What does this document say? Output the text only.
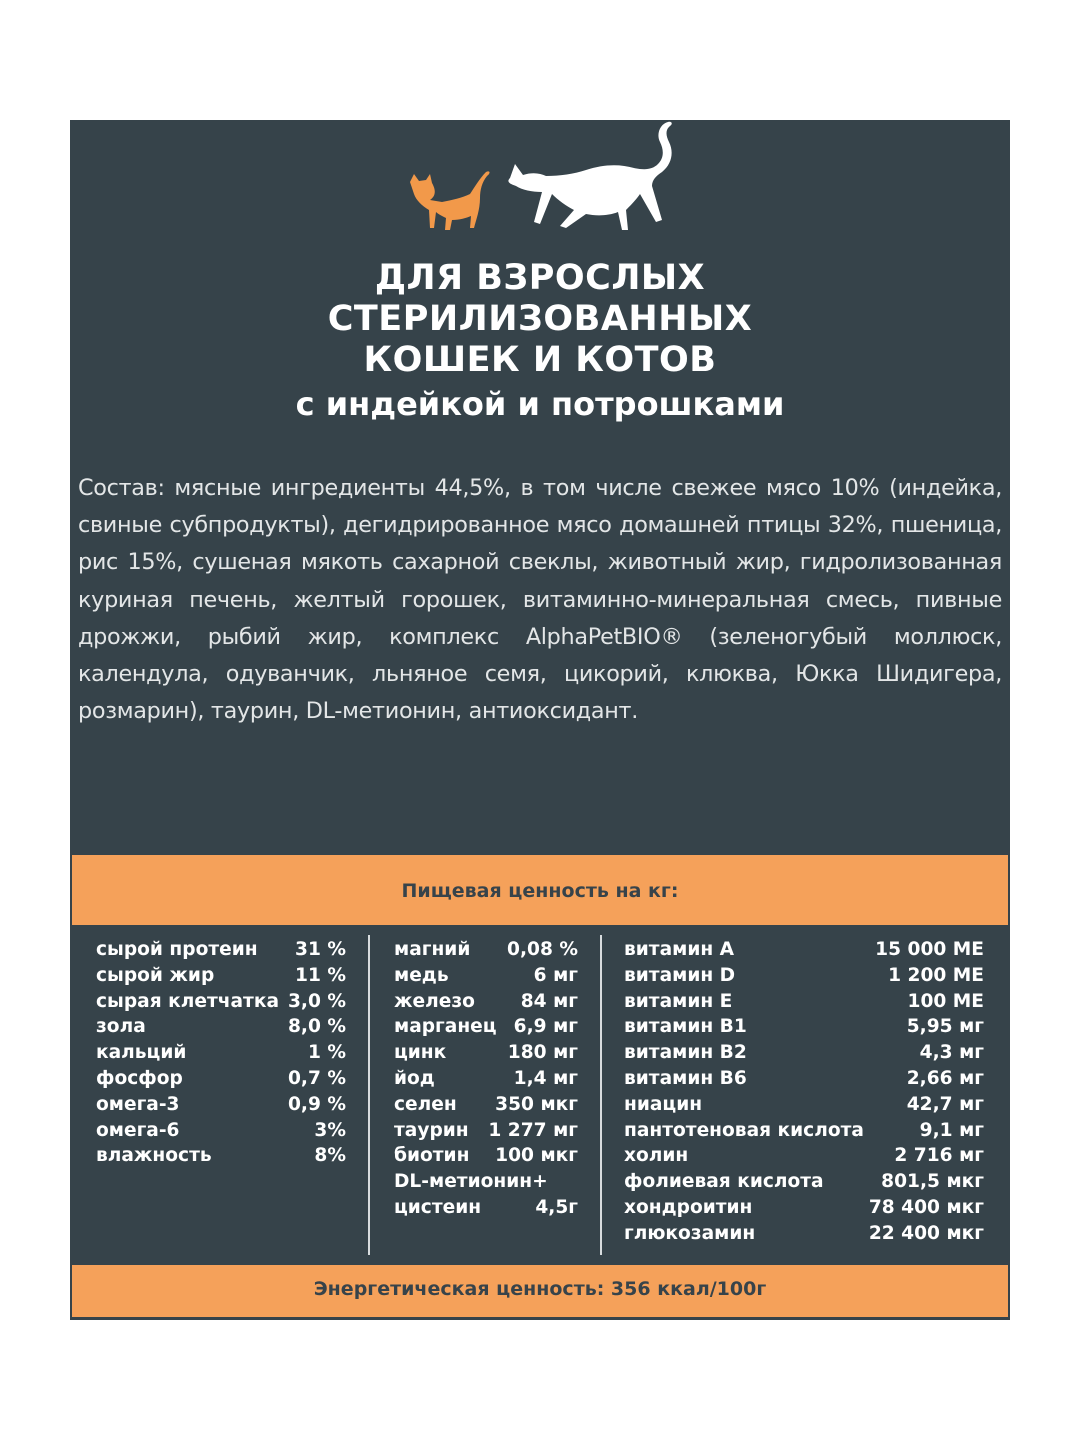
ДЛЯ ВЗРОСЛЫХ
СТЕРИЛИЗОВАННЫХ
КОШЕК И КОТОВ
с индейкой и потрошками
Состав: мясные ингредиенты 44,5%, в том числе свежее мясо 10% (индейка, свиные субпродукты), дегидрированное мясо домашней птицы 32%, пшеница, рис 15%, сушеная мякоть сахарной свеклы, животный жир, гидролизованная куриная печень, желтый горошек, витаминно-минеральная смесь, пивные дрожжи, рыбий жир, комплекс AlphaPetBIO® (зеленогубый моллюск, календула, одуванчик, льняное семя, цикорий, клюква, Юкка Шидигера, розмарин), таурин, DL-метионин, антиоксидант.
Пищевая ценность на кг:
сырой протеин 31 %
сырой жир	11 %
сырая клетчатка 3,0 %
зола	8,0 %
кальций	1 %
фосфор	0,7 %
омега-3	0,9 %
омега-6	3%
влажность	8%
магний 0,08 %
медь	6 мг
железо 84 мг
марганец 6,9 мг
цинк	180 мг
йод	1,4 мг
селен 350 мкг
таурин 1 277 мг
биотин 100 мкг
DL-метионин+
цистеин	4,5г
витамин А	15 000 МЕ
витамин D	1 200 МЕ
витамин Е	100 МЕ
витамин В1	5,95 мг
витамин В2	4,3 мг
витамин В6	2,66 мг
ниацин	42,7 мг
пантотеновая кислота	9,1 мг
холин	2 716 мг
фолиевая кислота	801,5 мкг
хондроитин	78 400 мкг
глюкозамин	22 400 мкг
Энергетическая ценность: 356 ккал/100г
